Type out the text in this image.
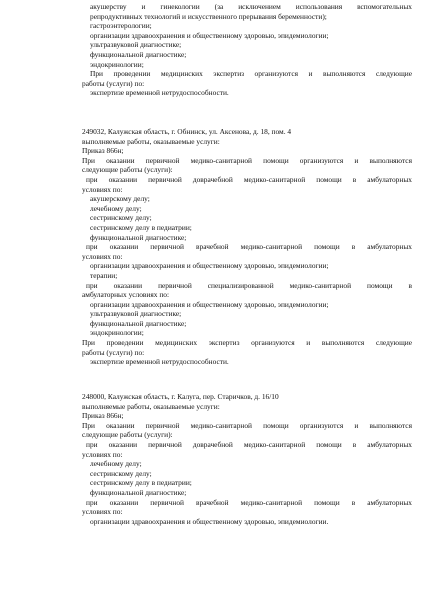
акушерству и гинекологии (за исключением использования вспомогательных
репродуктивных технологий и искусственного прерывания беременности);
гастроэнтерологии;
организации здравоохранения и общественному здоровью, эпидемиологии;
ультразвуковой диагностике;
функциональной диагностике;
эндокринологии;
При проведении медицинских экспертиз организуются и выполняются следующие
работы (услуги) по:
экспертизе временной нетрудоспособности.
249032, Калужская область, г. Обнинск, ул. Аксенова, д. 18, пом. 4
выполняемые работы, оказываемые услуги:
Приказ 866н;
При оказании первичной медико-санитарной помощи организуются и выполняются
следующие работы (услуги):
при оказании первичной доврачебной медико-санитарной помощи в амбулаторных
условиях по:
акушерскому делу;
лечебному делу;
сестринскому делу;
сестринскому делу в педиатрии;
функциональной диагностике;
при оказании первичной врачебной медико-санитарной помощи в амбулаторных
условиях по:
организации здравоохранения и общественному здоровью, эпидемиологии;
терапии;
при оказании первичной специализированной медико-санитарной помощи в
амбулаторных условиях по:
организации здравоохранения и общественному здоровью, эпидемиологии;
ультразвуковой диагностике;
функциональной диагностике;
эндокринологии;
При проведении медицинских экспертиз организуются и выполняются следующие
работы (услуги) по:
экспертизе временной нетрудоспособности.
248000, Калужская область, г. Калуга, пер. Старичков, д. 16/10
выполняемые работы, оказываемые услуги:
Приказ 866н;
При оказании первичной медико-санитарной помощи организуются и выполняются
следующие работы (услуги):
при оказании первичной доврачебной медико-санитарной помощи в амбулаторных
условиях по:
лечебному делу;
сестринскому делу;
сестринскому делу в педиатрии;
функциональной диагностике;
при оказании первичной врачебной медико-санитарной помощи в амбулаторных
условиях по:
организации здравоохранения и общественному здоровью, эпидемиологии.
